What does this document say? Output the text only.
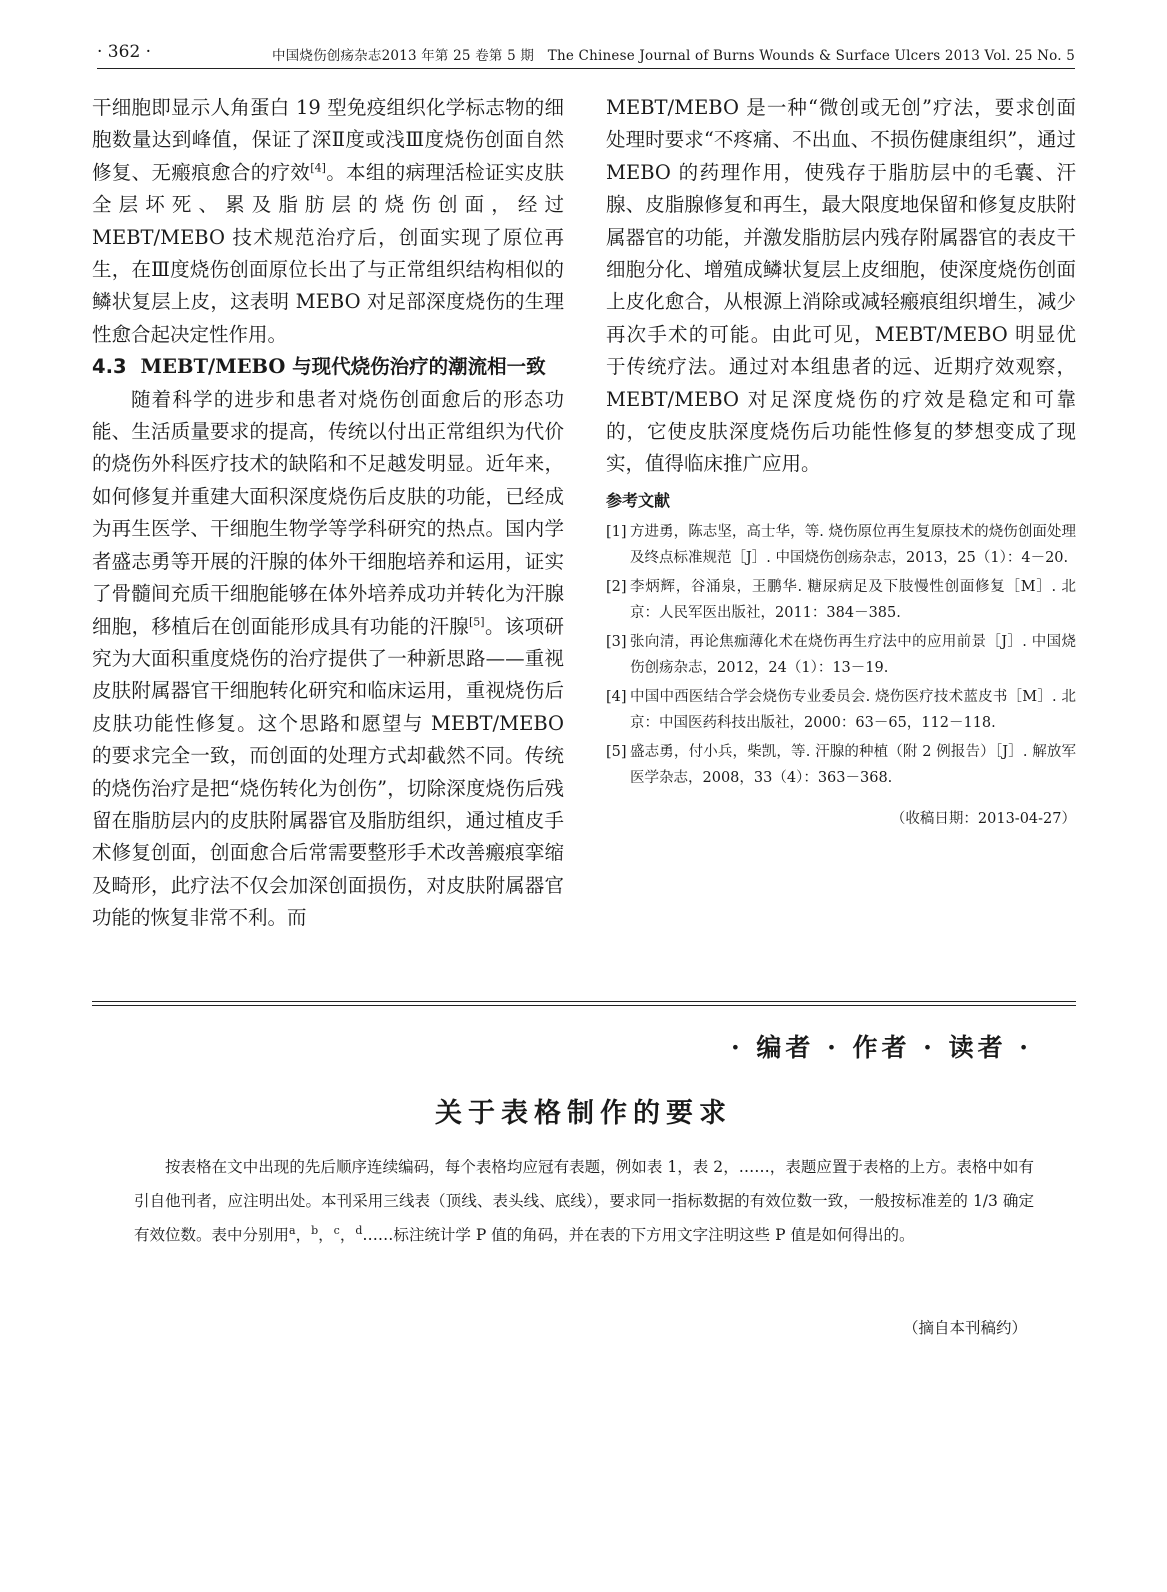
· 362 ·	中国烧伤创疡杂志2013 年第 25 卷第 5 期　The Chinese Journal of Burns Wounds & Surface Ulcers 2013 Vol. 25 No. 5

干细胞即显示人角蛋白 19 型免疫组织化学标志物的细胞数量达到峰值，保证了深Ⅱ度或浅Ⅲ度烧伤创面自然修复、无瘢痕愈合的疗效[4]。本组的病理活检证实皮肤全层坏死、累及脂肪层的烧伤创面，经过 MEBT/MEBO 技术规范治疗后，创面实现了原位再生，在Ⅲ度烧伤创面原位长出了与正常组织结构相似的鳞状复层上皮，这表明 MEBO 对足部深度烧伤的生理性愈合起决定性作用。

4.3 MEBT/MEBO 与现代烧伤治疗的潮流相一致

随着科学的进步和患者对烧伤创面愈后的形态功能、生活质量要求的提高，传统以付出正常组织为代价的烧伤外科医疗技术的缺陷和不足越发明显。近年来，如何修复并重建大面积深度烧伤后皮肤的功能，已经成为再生医学、干细胞生物学等学科研究的热点。国内学者盛志勇等开展的汗腺的体外干细胞培养和运用，证实了骨髓间充质干细胞能够在体外培养成功并转化为汗腺细胞，移植后在创面能形成具有功能的汗腺[5]。该项研究为大面积重度烧伤的治疗提供了一种新思路——重视皮肤附属器官干细胞转化研究和临床运用，重视烧伤后皮肤功能性修复。这个思路和愿望与 MEBT/MEBO 的要求完全一致，而创面的处理方式却截然不同。传统的烧伤治疗是把“烧伤转化为创伤”，切除深度烧伤后残留在脂肪层内的皮肤附属器官及脂肪组织，通过植皮手术修复创面，创面愈合后常需要整形手术改善瘢痕挛缩及畸形，此疗法不仅会加深创面损伤，对皮肤附属器官功能的恢复非常不利。而

MEBT/MEBO 是一种“微创或无创”疗法，要求创面处理时要求“不疼痛、不出血、不损伤健康组织”，通过 MEBO 的药理作用，使残存于脂肪层中的毛囊、汗腺、皮脂腺修复和再生，最大限度地保留和修复皮肤附属器官的功能，并激发脂肪层内残存附属器官的表皮干细胞分化、增殖成鳞状复层上皮细胞，使深度烧伤创面上皮化愈合，从根源上消除或减轻瘢痕组织增生，减少再次手术的可能。由此可见，MEBT/MEBO 明显优于传统疗法。通过对本组患者的远、近期疗效观察，MEBT/MEBO 对足深度烧伤的疗效是稳定和可靠的，它使皮肤深度烧伤后功能性修复的梦想变成了现实，值得临床推广应用。

参考文献

[1] 方进勇，陈志坚，高士华，等. 烧伤原位再生复原技术的烧伤创面处理及终点标准规范［J］. 中国烧伤创疡杂志，2013，25（1）：4－20.
[2] 李炳辉，谷涌泉，王鹏华. 糖尿病足及下肢慢性创面修复［M］. 北京：人民军医出版社，2011：384－385.
[3] 张向清，再论焦痂薄化术在烧伤再生疗法中的应用前景［J］. 中国烧伤创疡杂志，2012，24（1）：13－19.
[4] 中国中西医结合学会烧伤专业委员会. 烧伤医疗技术蓝皮书［M］. 北京：中国医药科技出版社，2000：63－65，112－118.
[5] 盛志勇，付小兵，柴凯，等. 汗腺的种植（附 2 例报告）［J］. 解放军医学杂志，2008，33（4）：363－368.

（收稿日期：2013-04-27）

· 编者 · 作者 · 读者 ·
关于表格制作的要求

按表格在文中出现的先后顺序连续编码，每个表格均应冠有表题，例如表 1，表 2，……，表题应置于表格的上方。表格中如有引自他刊者，应注明出处。本刊采用三线表（顶线、表头线、底线），要求同一指标数据的有效位数一致，一般按标准差的 1/3 确定有效位数。表中分别用$^a$，$^b$，$^c$，$^d$……标注统计学 P 值的角码，并在表的下方用文字注明这些 P 值是如何得出的。

（摘自本刊稿约）
